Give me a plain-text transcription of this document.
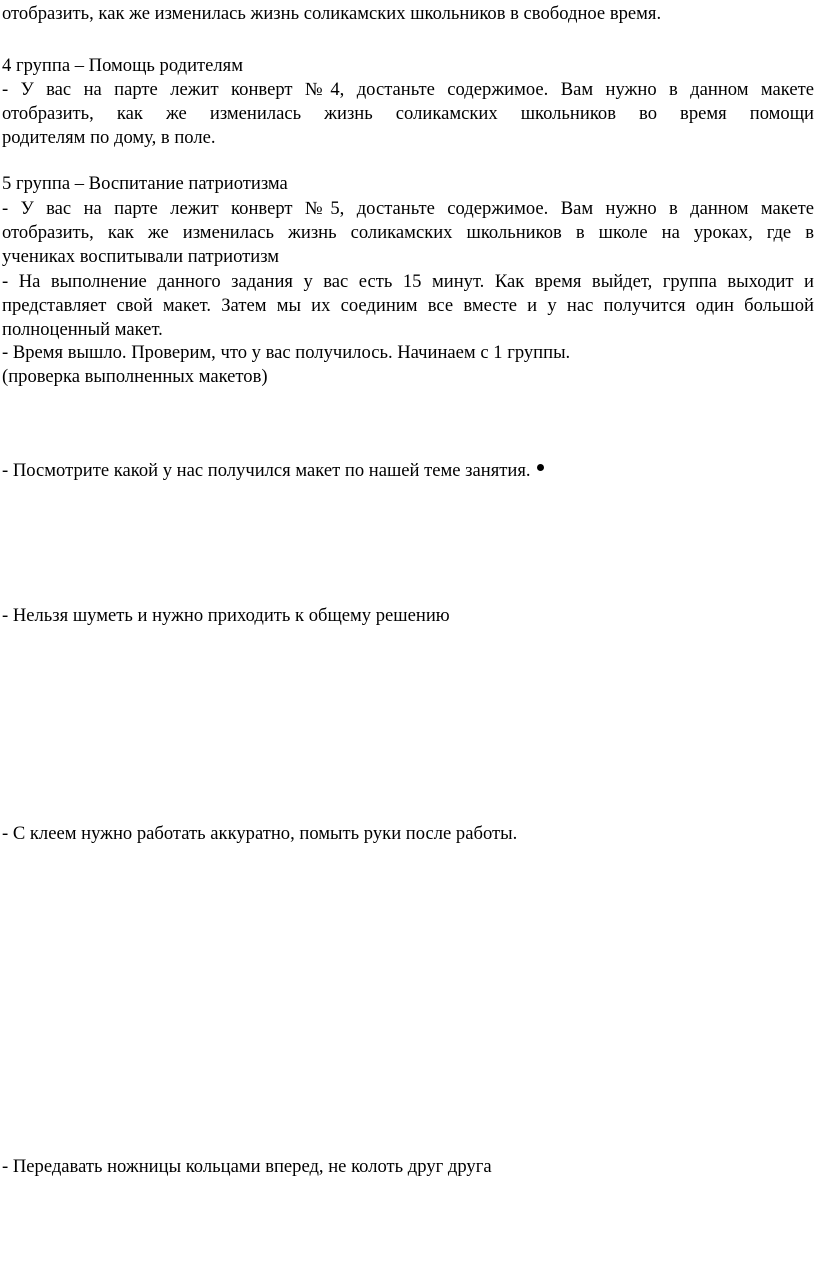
отобразить, как же изменилась жизнь соликамских школьников в свободное время.
4 группа – Помощь родителям
- У вас на парте лежит конверт №4, достаньте содержимое. Вам нужно в данном макете
отобразить, как же изменилась жизнь соликамских школьников во время помощи
родителям по дому, в поле.
5 группа – Воспитание патриотизма
- У вас на парте лежит конверт №5, достаньте содержимое. Вам нужно в данном макете
отобразить, как же изменилась жизнь соликамских школьников в школе на уроках, где в
учениках воспитывали патриотизм
- На выполнение данного задания у вас есть 15 минут. Как время выйдет, группа выходит и
представляет свой макет. Затем мы их соединим все вместе и у нас получится один большой
полноценный макет.
- Время вышло. Проверим, что у вас получилось. Начинаем с 1 группы.
(проверка выполненных макетов)
- Посмотрите какой у нас получился макет по нашей теме занятия.
- Нельзя шуметь и нужно приходить к общему решению
- С клеем нужно работать аккуратно, помыть руки после работы.
- Передавать ножницы кольцами вперед, не колоть друг друга
